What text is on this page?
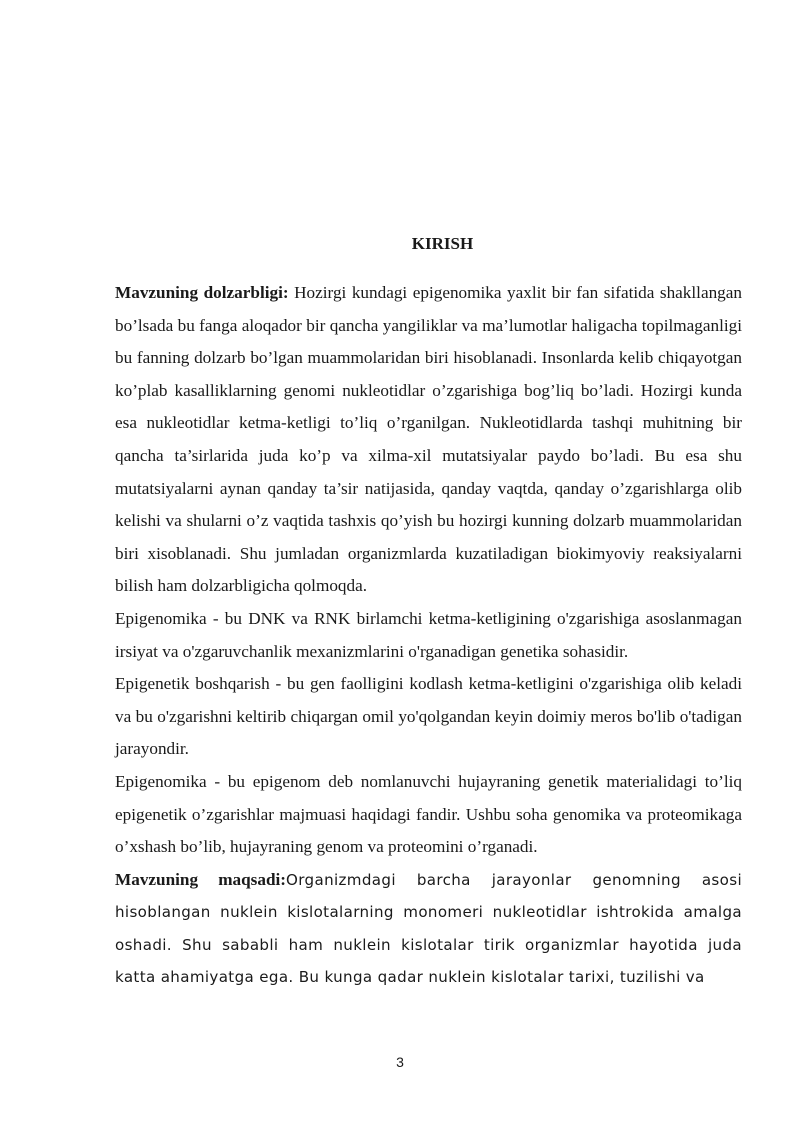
KIRISH

Mavzuning dolzarbligi: Hozirgi kundagi epigenomika yaxlit bir fan sifatida shakllangan bo’lsada bu fanga aloqador bir qancha yangiliklar va ma’lumotlar haligacha topilmaganligi bu fanning dolzarb bo’lgan muammolaridan biri hisoblanadi. Insonlarda kelib chiqayotgan ko’plab kasalliklarning genomi nukleotidlar o’zgarishiga bog’liq bo’ladi. Hozirgi kunda esa nukleotidlar ketma-ketligi to’liq o’rganilgan. Nukleotidlarda tashqi muhitning bir qancha ta’sirlarida juda ko’p va xilma-xil mutatsiyalar paydo bo’ladi. Bu esa shu mutatsiyalarni aynan qanday ta’sir natijasida, qanday vaqtda, qanday o’zgarishlarga olib kelishi va shularni o’z vaqtida tashxis qo’yish bu hozirgi kunning dolzarb muammolaridan biri xisoblanadi. Shu jumladan organizmlarda kuzatiladigan biokimyoviy reaksiyalarni bilish ham dolzarbligicha qolmoqda.

Epigenomika - bu DNK va RNK birlamchi ketma-ketligining o'zgarishiga asoslanmagan irsiyat va o'zgaruvchanlik mexanizmlarini o'rganadigan genetika sohasidir.

Epigenetik boshqarish - bu gen faolligini kodlash ketma-ketligini o'zgarishiga olib keladi va bu o'zgarishni keltirib chiqargan omil yo'qolgandan keyin doimiy meros bo'lib o'tadigan jarayondir.

Epigenomika - bu epigenom deb nomlanuvchi hujayraning genetik materialidagi to’liq epigenetik o’zgarishlar majmuasi haqidagi fandir. Ushbu soha genomika va proteomikaga o’xshash bo’lib, hujayraning genom va proteomini o’rganadi.

Mavzuning maqsadi:Organizmdagi barcha jarayonlar genomning asosi hisoblangan nuklein kislotalarning monomeri nukleotidlar ishtrokida amalga oshadi. Shu sababli ham nuklein kislotalar tirik organizmlar hayotida juda katta ahamiyatga ega. Bu kunga qadar nuklein kislotalar tarixi, tuzilishi va

3
